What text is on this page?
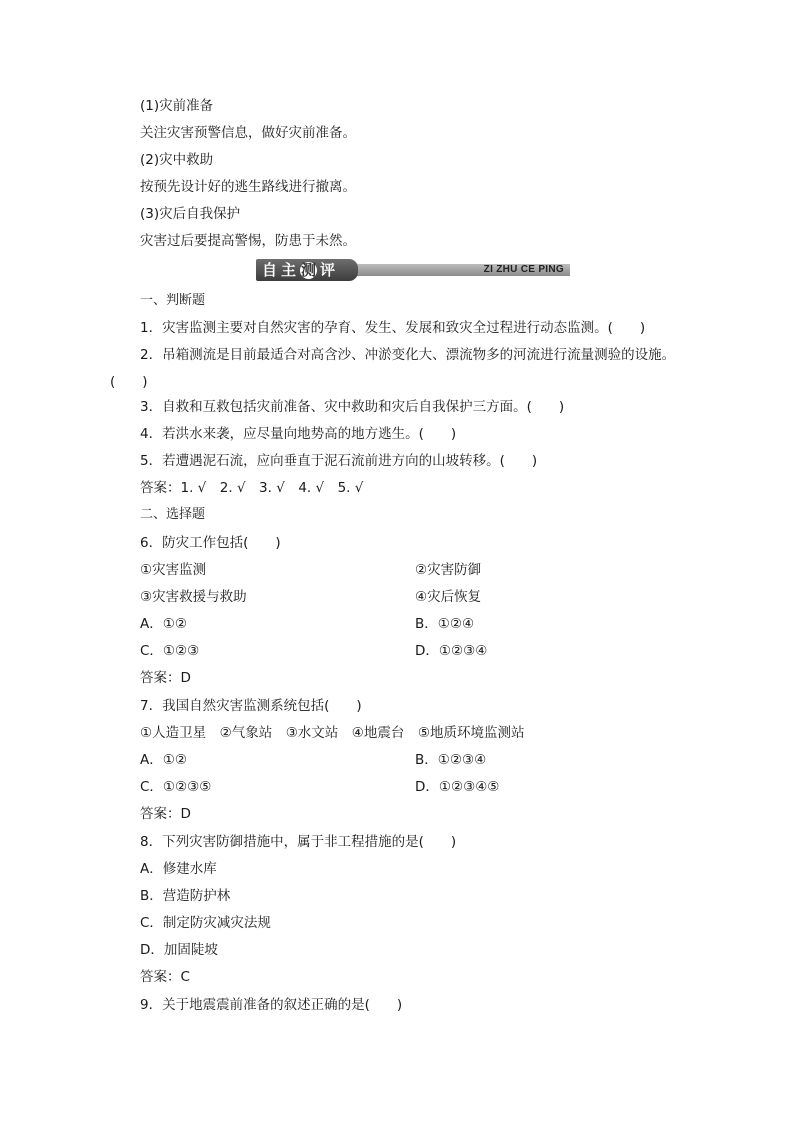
(1)灾前准备
关注灾害预警信息，做好灾前准备。
(2)灾中救助
按预先设计好的逃生路线进行撤离。
(3)灾后自我保护
灾害过后要提高警惕，防患于未然。
自主测 评	ZI ZHU CE PING
一、判断题
1．灾害监测主要对自然灾害的孕育、发生、发展和致灾全过程进行动态监测。(　　)
2．吊箱测流是目前最适合对高含沙、冲淤变化大、漂流物多的河流进行流量测验的设施。
(　　)
3．自救和互救包括灾前准备、灾中救助和灾后自我保护三方面。(　　)
4．若洪水来袭，应尽量向地势高的地方逃生。(　　)
5．若遭遇泥石流，应向垂直于泥石流前进方向的山坡转移。(　　)
答案：1. √　2. √　3. √　4. √　5. √
二、选择题
6．防灾工作包括(　　)
①灾害监测	②灾害防御
③灾害救援与救助	④灾后恢复
A．①②	B．①②④
C．①②③	D．①②③④
答案：D
7．我国自然灾害监测系统包括(　　)
①人造卫星　②气象站　③水文站　④地震台　⑤地质环境监测站
A．①②	B．①②③④
C．①②③⑤	D．①②③④⑤
答案：D
8．下列灾害防御措施中，属于非工程措施的是(　　)
A．修建水库
B．营造防护林
C．制定防灾减灾法规
D．加固陡坡
答案：C
9．关于地震震前准备的叙述正确的是(　　)
